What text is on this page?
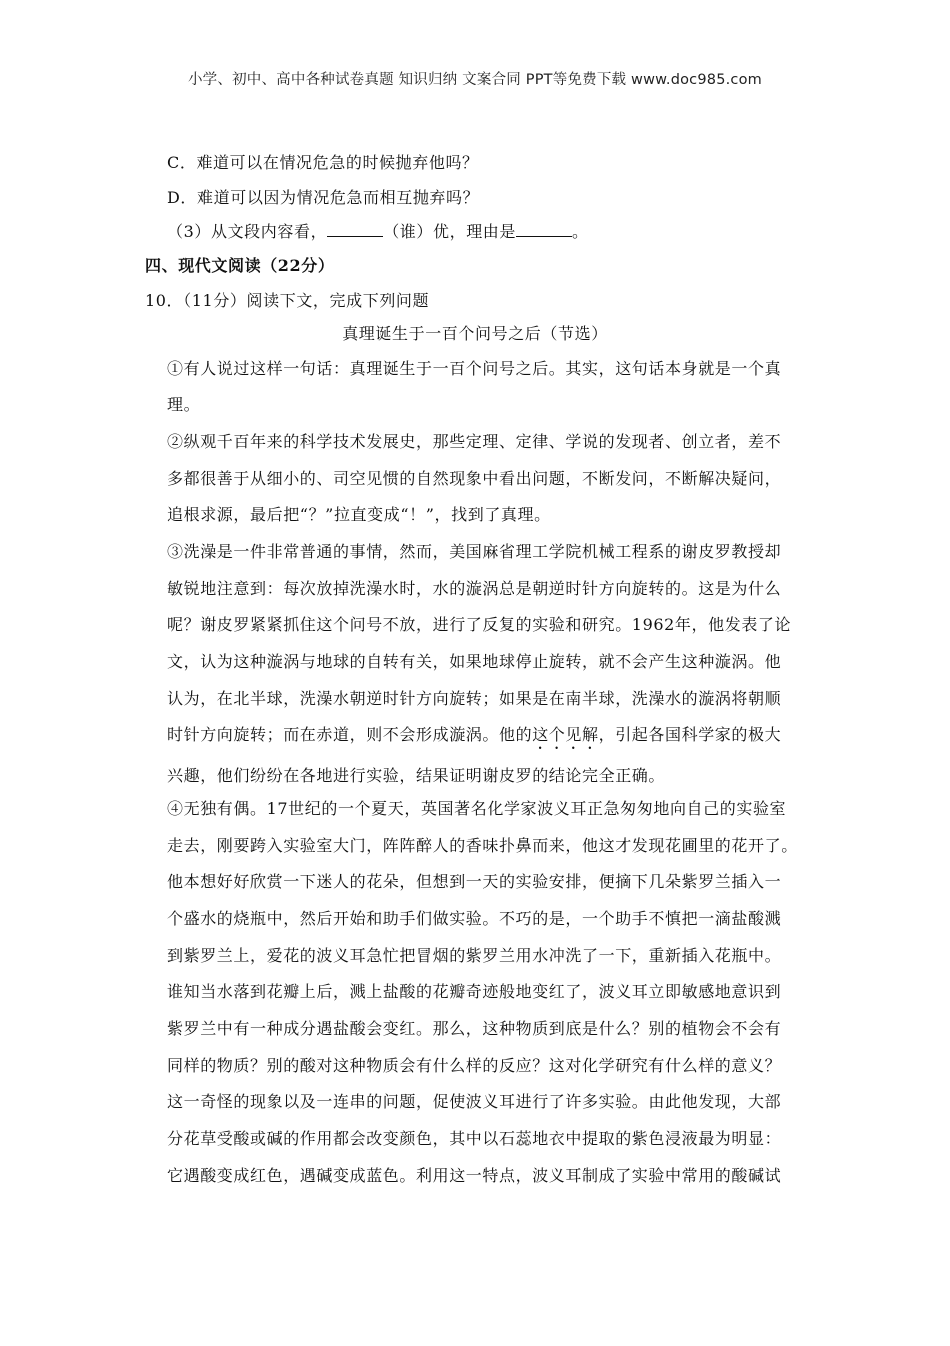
小学、初中、高中各种试卷真题 知识归纳 文案合同 PPT等免费下载 www.doc985.com
C．难道可以在情况危急的时候抛弃他吗？
D．难道可以因为情况危急而相互抛弃吗？
（3）从文段内容看，	（谁）优，理由是	。
四、现代文阅读（22分）
10．（11分）阅读下文，完成下列问题
真理诞生于一百个问号之后（节选）
①有人说过这样一句话：真理诞生于一百个问号之后。其实，这句话本身就是一个真
理。
②纵观千百年来的科学技术发展史，那些定理、定律、学说的发现者、创立者，差不
多都很善于从细小的、司空见惯的自然现象中看出问题，不断发问，不断解决疑问，
追根求源，最后把“？”拉直变成“！”，找到了真理。
③洗澡是一件非常普通的事情，然而，美国麻省理工学院机械工程系的谢皮罗教授却
敏锐地注意到：每次放掉洗澡水时，水的漩涡总是朝逆时针方向旋转的。这是为什么
呢？谢皮罗紧紧抓住这个问号不放，进行了反复的实验和研究。1962年，他发表了论
文，认为这种漩涡与地球的自转有关，如果地球停止旋转，就不会产生这种漩涡。他
认为，在北半球，洗澡水朝逆时针方向旋转；如果是在南半球，洗澡水的漩涡将朝顺
时针方向旋转；而在赤道，则不会形成漩涡。他的这个见解，引起各国科学家的极大
兴趣，他们纷纷在各地进行实验，结果证明谢皮罗的结论完全正确。
④无独有偶。17世纪的一个夏天，英国著名化学家波义耳正急匆匆地向自己的实验室
走去，刚要跨入实验室大门，阵阵醉人的香味扑鼻而来，他这才发现花圃里的花开了。
他本想好好欣赏一下迷人的花朵，但想到一天的实验安排，便摘下几朵紫罗兰插入一
个盛水的烧瓶中，然后开始和助手们做实验。不巧的是，一个助手不慎把一滴盐酸溅
到紫罗兰上，爱花的波义耳急忙把冒烟的紫罗兰用水冲洗了一下，重新插入花瓶中。
谁知当水落到花瓣上后，溅上盐酸的花瓣奇迹般地变红了，波义耳立即敏感地意识到
紫罗兰中有一种成分遇盐酸会变红。那么，这种物质到底是什么？别的植物会不会有
同样的物质？别的酸对这种物质会有什么样的反应？这对化学研究有什么样的意义？
这一奇怪的现象以及一连串的问题，促使波义耳进行了许多实验。由此他发现，大部
分花草受酸或碱的作用都会改变颜色，其中以石蕊地衣中提取的紫色浸液最为明显：
它遇酸变成红色，遇碱变成蓝色。利用这一特点，波义耳制成了实验中常用的酸碱试
